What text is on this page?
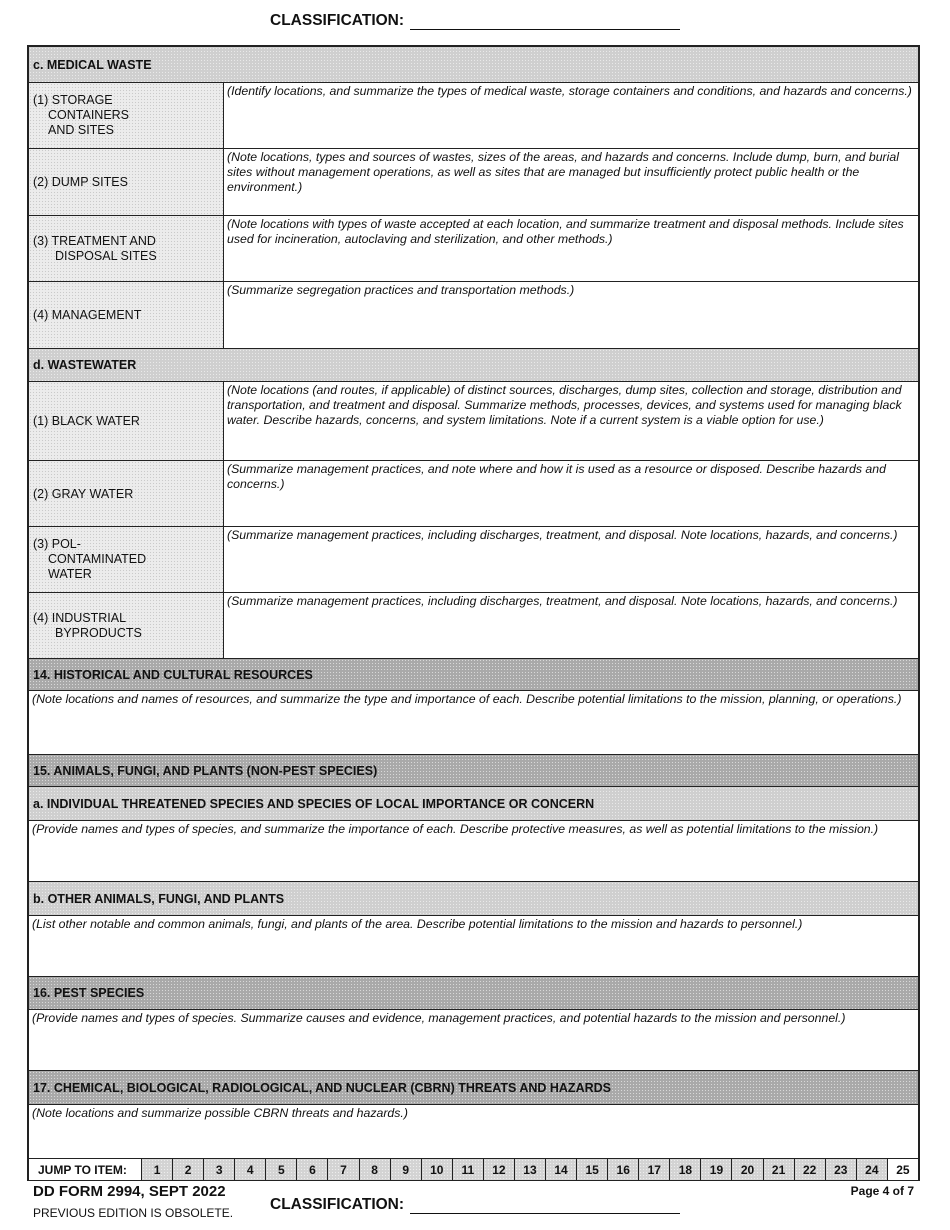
CLASSIFICATION:
c. MEDICAL WASTE
(1) STORAGE
CONTAINERS
AND SITES
(Identify locations, and summarize the types of medical waste, storage containers and conditions, and hazards and concerns.)
(2) DUMP SITES
(Note locations, types and sources of wastes, sizes of the areas, and hazards and concerns. Include dump, burn, and burial sites without management operations, as well as sites that are managed but insufficiently protect public health or the environment.)
(3) TREATMENT AND
DISPOSAL SITES
(Note locations with types of waste accepted at each location, and summarize treatment and disposal methods. Include sites used for incineration, autoclaving and sterilization, and other methods.)
(4) MANAGEMENT
(Summarize segregation practices and transportation methods.)
d. WASTEWATER
(1) BLACK WATER
(Note locations (and routes, if applicable) of distinct sources, discharges, dump sites, collection and storage, distribution and transportation, and treatment and disposal. Summarize methods, processes, devices, and systems used for managing black water. Describe hazards, concerns, and system limitations. Note if a current system is a viable option for use.)
(2) GRAY WATER
(Summarize management practices, and note where and how it is used as a resource or disposed. Describe hazards and concerns.)
(3) POL-
CONTAMINATED
WATER
(Summarize management practices, including discharges, treatment, and disposal. Note locations, hazards, and concerns.)
(4) INDUSTRIAL
BYPRODUCTS
(Summarize management practices, including discharges, treatment, and disposal. Note locations, hazards, and concerns.)
14. HISTORICAL AND CULTURAL RESOURCES
(Note locations and names of resources, and summarize the type and importance of each. Describe potential limitations to the mission, planning, or operations.)
15. ANIMALS, FUNGI, AND PLANTS (NON-PEST SPECIES)
a. INDIVIDUAL THREATENED SPECIES AND SPECIES OF LOCAL IMPORTANCE OR CONCERN
(Provide names and types of species, and summarize the importance of each. Describe protective measures, as well as potential limitations to the mission.)
b. OTHER ANIMALS, FUNGI, AND PLANTS
(List other notable and common animals, fungi, and plants of the area. Describe potential limitations to the mission and hazards to personnel.)
16. PEST SPECIES
(Provide names and types of species. Summarize causes and evidence, management practices, and potential hazards to the mission and personnel.)
17. CHEMICAL, BIOLOGICAL, RADIOLOGICAL, AND NUCLEAR (CBRN) THREATS AND HAZARDS
(Note locations and summarize possible CBRN threats and hazards.)
JUMP TO ITEM:	1	2	3	4	5	6	7	8	9	10	11	12	13	14	15	16	17	18	19	20	21	22	23	24	25
DD FORM 2994, SEPT 2022
PREVIOUS EDITION IS OBSOLETE.
Page 4 of 7
CLASSIFICATION:
